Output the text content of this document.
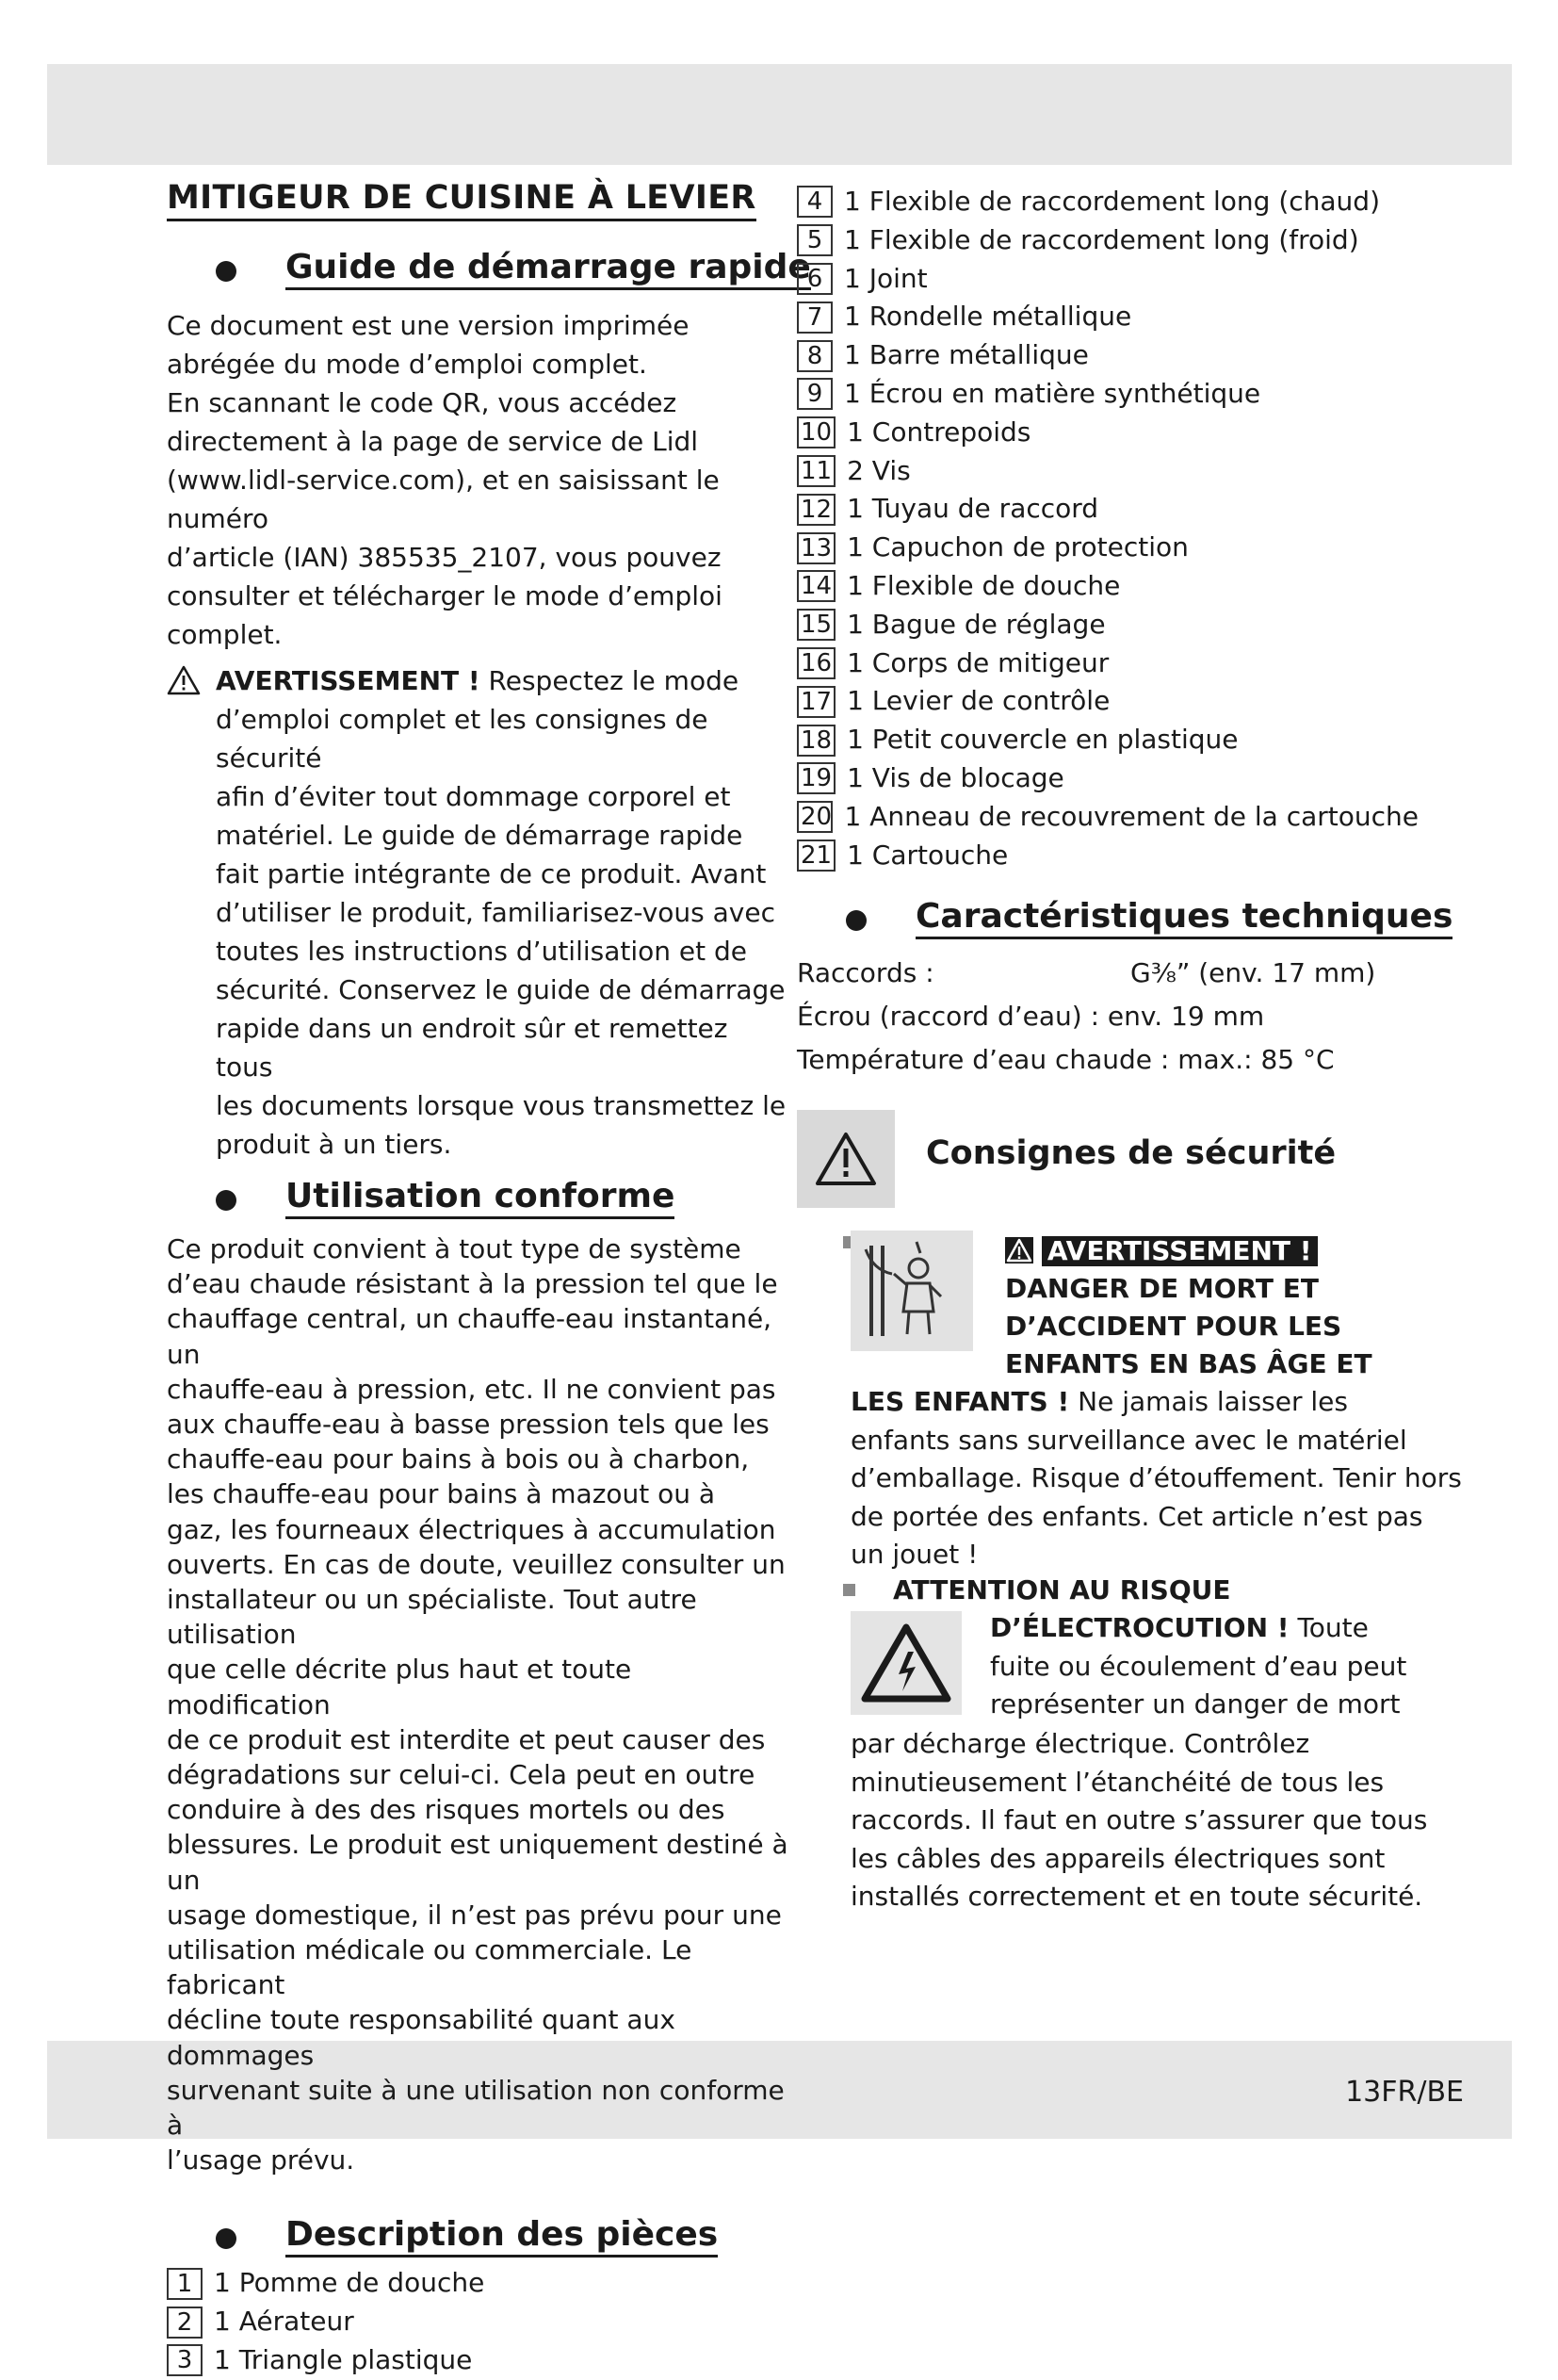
13FR/BE
MITIGEUR DE CUISINE À LEVIER
Guide de démarrage rapide
Ce document est une version imprimée
abrégée du mode d’emploi complet.
En scannant le code QR, vous accédez
directement à la page de service de Lidl
(www.lidl-service.com), et en saisissant le numéro
d’article (IAN) 385535_2107, vous pouvez
consulter et télécharger le mode d’emploi
complet.
AVERTISSEMENT ! Respectez le mode
d’emploi complet et les consignes de sécurité
afin d’éviter tout dommage corporel et
matériel. Le guide de démarrage rapide
fait partie intégrante de ce produit. Avant
d’utiliser le produit, familiarisez-vous avec
toutes les instructions d’utilisation et de
sécurité. Conservez le guide de démarrage
rapide dans un endroit sûr et remettez tous
les documents lorsque vous transmettez le
produit à un tiers.
Utilisation conforme
Ce produit convient à tout type de système
d’eau chaude résistant à la pression tel que le
chauffage central, un chauffe-eau instantané, un
chauffe-eau à pression, etc. Il ne convient pas
aux chauffe-eau à basse pression tels que les
chauffe-eau pour bains à bois ou à charbon,
les chauffe-eau pour bains à mazout ou à
gaz, les fourneaux électriques à accumulation
ouverts. En cas de doute, veuillez consulter un
installateur ou un spécialiste. Tout autre utilisation
que celle décrite plus haut et toute modification
de ce produit est interdite et peut causer des
dégradations sur celui-ci. Cela peut en outre
conduire à des des risques mortels ou des
blessures. Le produit est uniquement destiné à un
usage domestique, il n’est pas prévu pour une
utilisation médicale ou commerciale. Le fabricant
décline toute responsabilité quant aux dommages
survenant suite à une utilisation non conforme à
l’usage prévu.
Description des pièces
1 1 Pomme de douche
2 1 Aérateur
3 1 Triangle plastique
4 1 Flexible de raccordement long (chaud)
5 1 Flexible de raccordement long (froid)
6 1 Joint
7 1 Rondelle métallique
8 1 Barre métallique
9 1 Écrou en matière synthétique
10 1 Contrepoids
11 2 Vis
12 1 Tuyau de raccord
13 1 Capuchon de protection
14 1 Flexible de douche
15 1 Bague de réglage
16 1 Corps de mitigeur
17 1 Levier de contrôle
18 1 Petit couvercle en plastique
19 1 Vis de blocage
20 1 Anneau de recouvrement de la cartouche
21 1 Cartouche
Caractéristiques techniques
Raccords :	G⅜” (env. 17 mm)
Écrou (raccord d’eau) : env. 19 mm
Température d’eau chaude : max.: 85 °C
Consignes de sécurité
AVERTISSEMENT !
DANGER DE MORT ET
D’ACCIDENT POUR LES
ENFANTS EN BAS ÂGE ET
LES ENFANTS ! Ne jamais laisser les
enfants sans surveillance avec le matériel
d’emballage. Risque d’étouffement. Tenir hors
de portée des enfants. Cet article n’est pas
un jouet !
ATTENTION AU RISQUE
D’ÉLECTROCUTION ! Toute
fuite ou écoulement d’eau peut
représenter un danger de mort
par décharge électrique. Contrôlez
minutieusement l’étanchéité de tous les
raccords. Il faut en outre s’assurer que tous
les câbles des appareils électriques sont
installés correctement et en toute sécurité.
